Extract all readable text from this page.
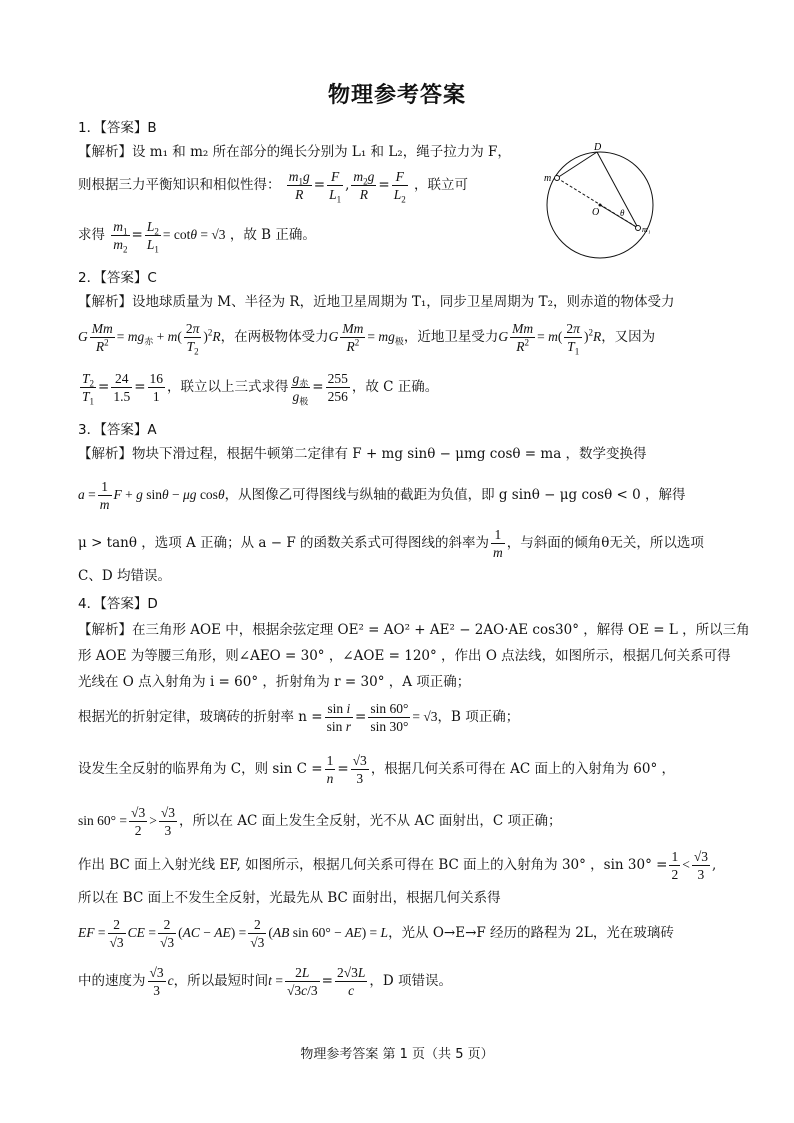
物理参考答案
1．【答案】B
【解析】设 m₁ 和 m₂ 所在部分的绳长分别为 L₁ 和 L₂，绳子拉力为 F，
则根据三力平衡知识和相似性得： $\frac{m_1g}{R} = \frac{F}{L_1}$ , $\frac{m_2g}{R} = \frac{F}{L_2}$ ，联立可
求得 $\frac{m_1}{m_2} = \frac{L_2}{L_1} = \cot\theta = √3$ ，故 B 正确。
D
m
O θ
m₁
2．【答案】C
【解析】设地球质量为 M、半径为 R，近地卫星周期为 T₁，同步卫星周期为 T₂，则赤道的物体受力
G $\frac{Mm}{R^2} = mg_赤 + m( \frac{2\pi}{T_2} )^2R$，在两极物体受力G $\frac{Mm}{R^2} = mg_极$，近地卫星受力G $\frac{Mm}{R^2} = m( \frac{2\pi}{T_1} )^2R$，又因为
$\frac{T_2}{T_1} = \frac{24}{1.5} = \frac{16}{1}$ ，联立以上三式求得 $\frac{g_赤}{g_极} = \frac{255}{256}$ ，故 C 正确。
3．【答案】A
【解析】物块下滑过程，根据牛顿第二定律有 F + mg sinθ − μmg cosθ = ma ，数学变换得
$a = \frac{1}{m}$ F + g sinθ − μg cosθ，从图像乙可得图线与纵轴的截距为负值，即 g sinθ − μg cosθ < 0 ，解得
μ > tanθ ，选项 A 正确；从 a − F 的函数关系式可得图线的斜率为 $\frac{1}{m}$ ，与斜面的倾角θ无关，所以选项
C、D 均错误。
4．【答案】D
【解析】在三角形 AOE 中，根据余弦定理 OE² = AO² + AE² − 2AO·AE cos30° ，解得 OE = L ，所以三角
形 AOE 为等腰三角形，则∠AEO = 30° ，∠AOE = 120° ，作出 O 点法线，如图所示，根据几何关系可得
光线在 O 点入射角为 i = 60° ，折射角为 r = 30° ，A 项正确；
根据光的折射定律，玻璃砖的折射率 $n = \frac{\text{sin i}}{\text{sin r}} = \frac{\sin 60^\circ}{\sin 30^\circ} = √3$，B 项正确；
设发生全反射的临界角为 C，则 $\sin C = \frac{1}{n} = \frac{√3}{3}$ ，根据几何关系可得在 AC 面上的入射角为 60° ，
$\sin 60^\circ = \frac{√3}{2} > \frac{√3}{3}$ ，所以在 AC 面上发生全反射，光不从 AC 面射出，C 项正确；
作出 BC 面上入射光线 EF, 如图所示，根据几何关系可得在 BC 面上的入射角为 30° ，$\sin 30^\circ = \frac{1}{2} < \frac{√3}{3}$ ,
所以在 BC 面上不发生全反射，光最先从 BC 面射出，根据几何关系得
EF = $\frac{2}{√3}$ CE = $\frac{2}{√3} (AC - AE) = \frac{2}{√3} (AB$ sin 60° − AE) = L，光从 O→E→F 经历的路程为 2L，光在玻璃砖
中的速度为 $\frac{√3}{3}$ c，所以最短时间$t = \frac{2L}{√3c/3} = \frac{2√3L}{c}$ ，D 项错误。
物理参考答案 第 1 页（共 5 页）
